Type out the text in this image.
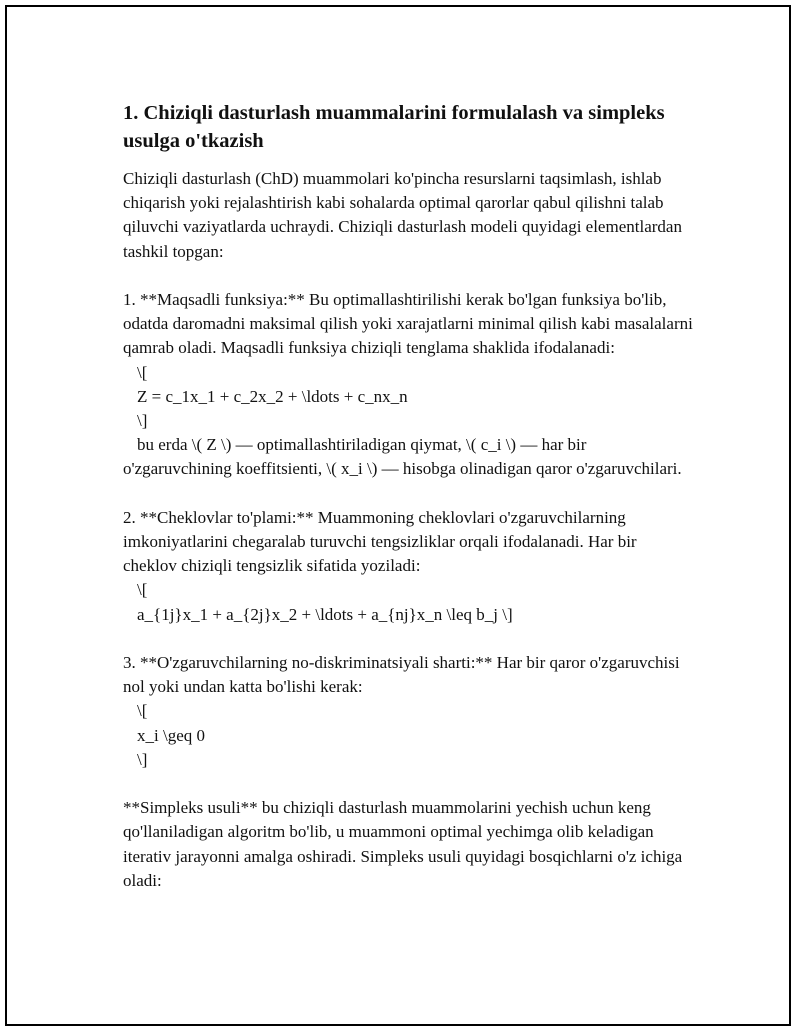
1. Chiziqli dasturlash muammalarini formulalash va simpleks usulga o'tkazish

Chiziqli dasturlash (ChD) muammolari ko'pincha resurslarni taqsimlash, ishlab chiqarish yoki rejalashtirish kabi sohalarda optimal qarorlar qabul qilishni talab qiluvchi vaziyatlarda uchraydi. Chiziqli dasturlash modeli quyidagi elementlardan tashkil topgan:

1. **Maqsadli funksiya:** Bu optimallashtirilishi kerak bo'lgan funksiya bo'lib, odatda daromadni maksimal qilish yoki xarajatlarni minimal qilish kabi masalalarni qamrab oladi. Maqsadli funksiya chiziqli tenglama shaklida ifodalanadi:

\[
Z = c_1x_1 + c_2x_2 + \ldots + c_nx_n
\]
bu erda \( Z \) — optimallashtiriladigan qiymat, \( c_i \) — har bir
o'zgaruvchining koeffitsienti, \( x_i \) — hisobga olinadigan qaror o'zgaruvchilari.

2. **Cheklovlar to'plami:** Muammoning cheklovlari o'zgaruvchilarning imkoniyatlarini chegaralab turuvchi tengsizliklar orqali ifodalanadi. Har bir cheklov chiziqli tengsizlik sifatida yoziladi:

\[
a_{1j}x_1 + a_{2j}x_2 + \ldots + a_{nj}x_n \leq b_j \]

3. **O'zgaruvchilarning no-diskriminatsiyali sharti:** Har bir qaror o'zgaruvchisi nol yoki undan katta bo'lishi kerak:

\[
x_i \geq 0
\]

**Simpleks usuli** bu chiziqli dasturlash muammolarini yechish uchun keng qo'llaniladigan algoritm bo'lib, u muammoni optimal yechimga olib keladigan iterativ jarayonni amalga oshiradi. Simpleks usuli quyidagi bosqichlarni o'z ichiga oladi:
